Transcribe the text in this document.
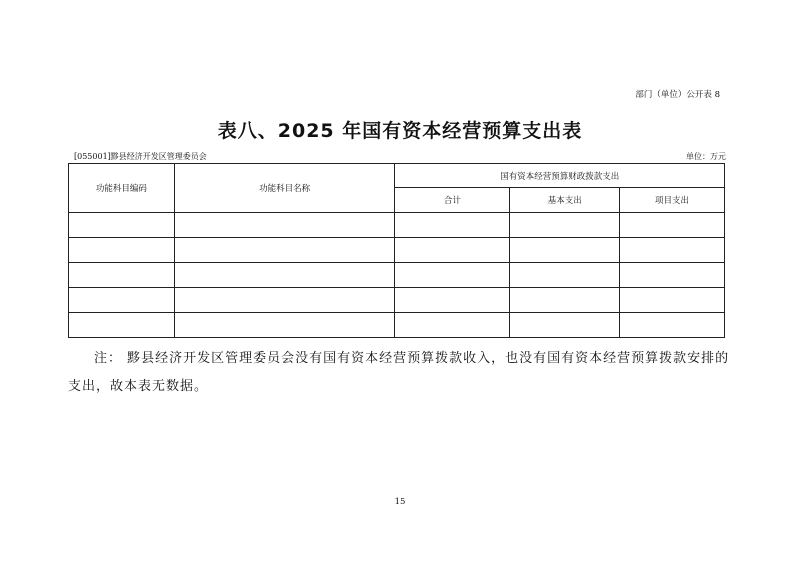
部门（单位）公开表 8
表八、2025 年国有资本经营预算支出表
[055001]黟县经济开发区管理委员会	单位：万元
功能科目编码	功能科目名称	国有资本经营预算财政拨款支出		
		合计	基本支出	项目支出

注： 黟县经济开发区管理委员会没有国有资本经营预算拨款收入，也没有国有资本经营预算拨款安排的支出，故本表无数据。
15
